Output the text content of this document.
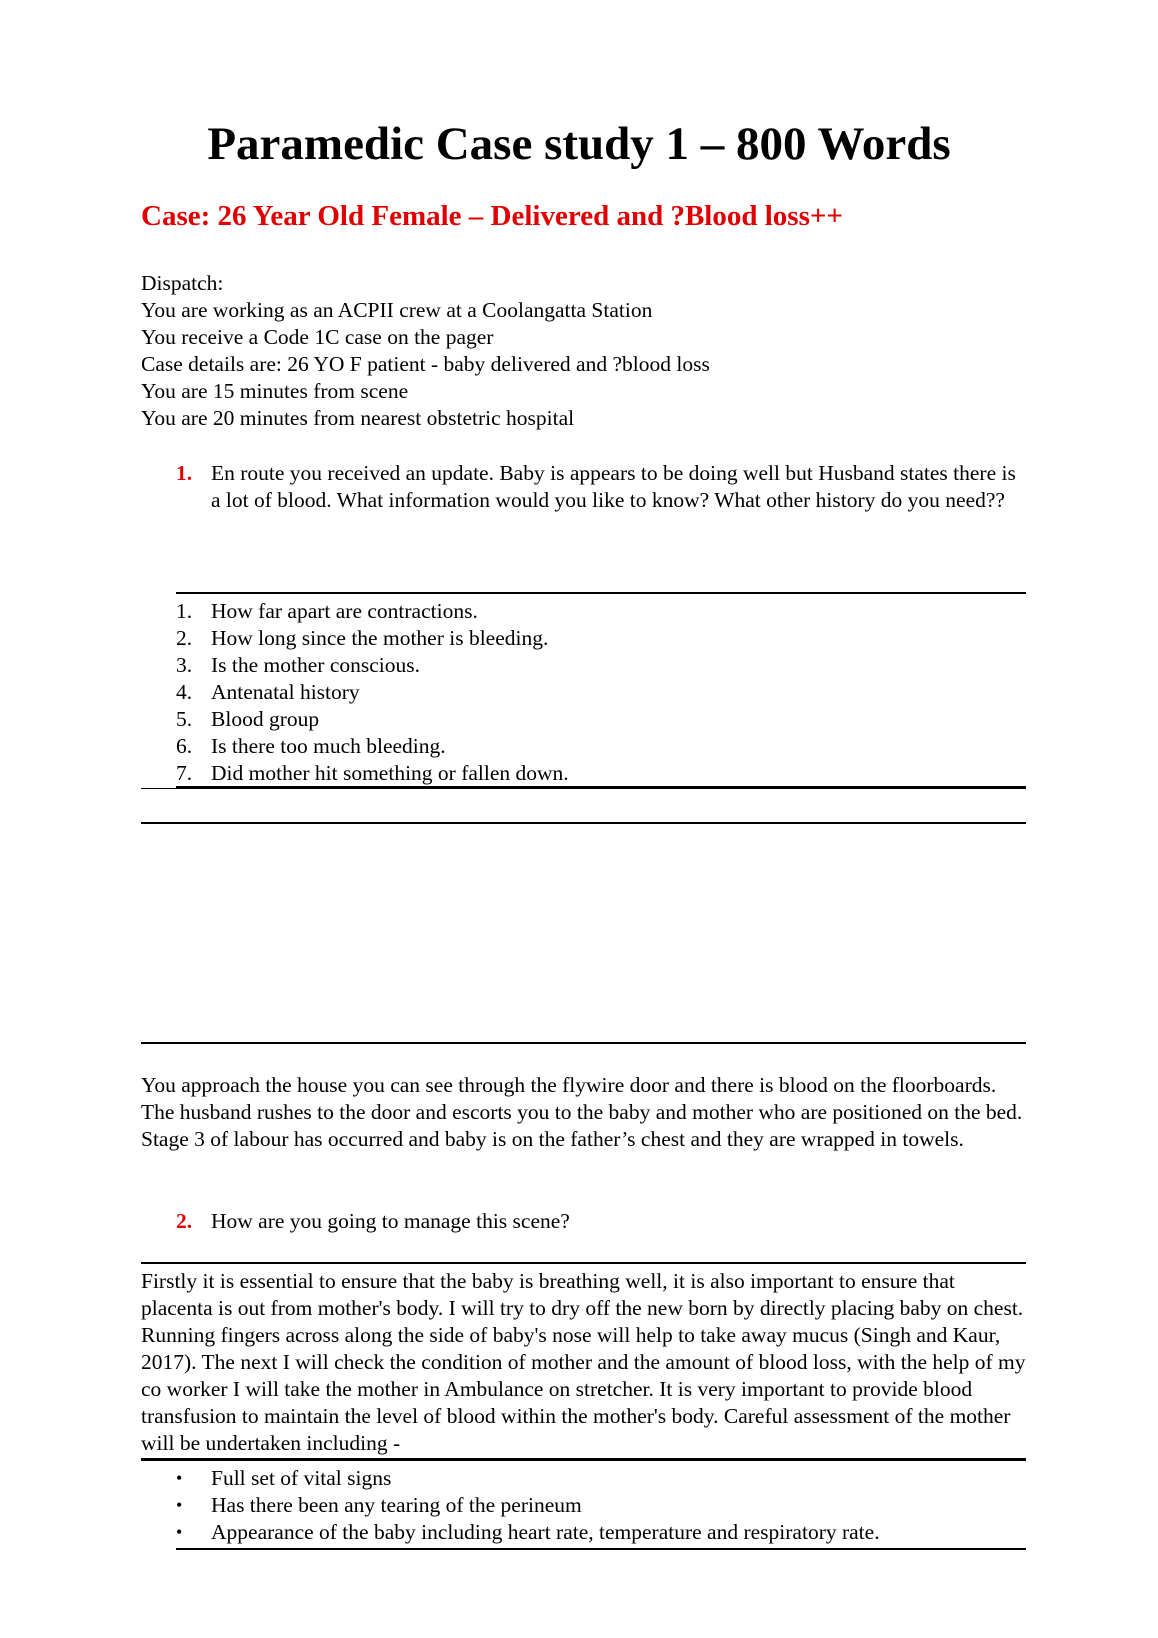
Paramedic Case study 1 – 800 Words
Case: 26 Year Old Female – Delivered and ?Blood loss++
Dispatch:
You are working as an ACPII crew at a Coolangatta Station
You receive a Code 1C case on the pager
Case details are: 26 YO F patient - baby delivered and ?blood loss
You are 15 minutes from scene
You are 20 minutes from nearest obstetric hospital
1. En route you received an update. Baby is appears to be doing well but Husband states there is a lot of blood. What information would you like to know? What other history do you need??
1. How far apart are contractions.
2. How long since the mother is bleeding.
3. Is the mother conscious.
4. Antenatal history
5. Blood group
6. Is there too much bleeding.
7. Did mother hit something or fallen down.
You approach the house you can see through the flywire door and there is blood on the floorboards. The husband rushes to the door and escorts you to the baby and mother who are positioned on the bed. Stage 3 of labour has occurred and baby is on the father’s chest and they are wrapped in towels.
2. How are you going to manage this scene?
Firstly it is essential to ensure that the baby is breathing well, it is also important to ensure that placenta is out from mother's body. I will try to dry off the new born by directly placing baby on chest. Running fingers across along the side of baby's nose will help to take away mucus (Singh and Kaur, 2017). The next I will check the condition of mother and the amount of blood loss, with the help of my co worker I will take the mother in Ambulance on stretcher. It is very important to provide blood transfusion to maintain the level of blood within the mother's body. Careful assessment of the mother will be undertaken including -
•	Full set of vital signs
•	Has there been any tearing of the perineum
•	Appearance of the baby including heart rate, temperature and respiratory rate.
